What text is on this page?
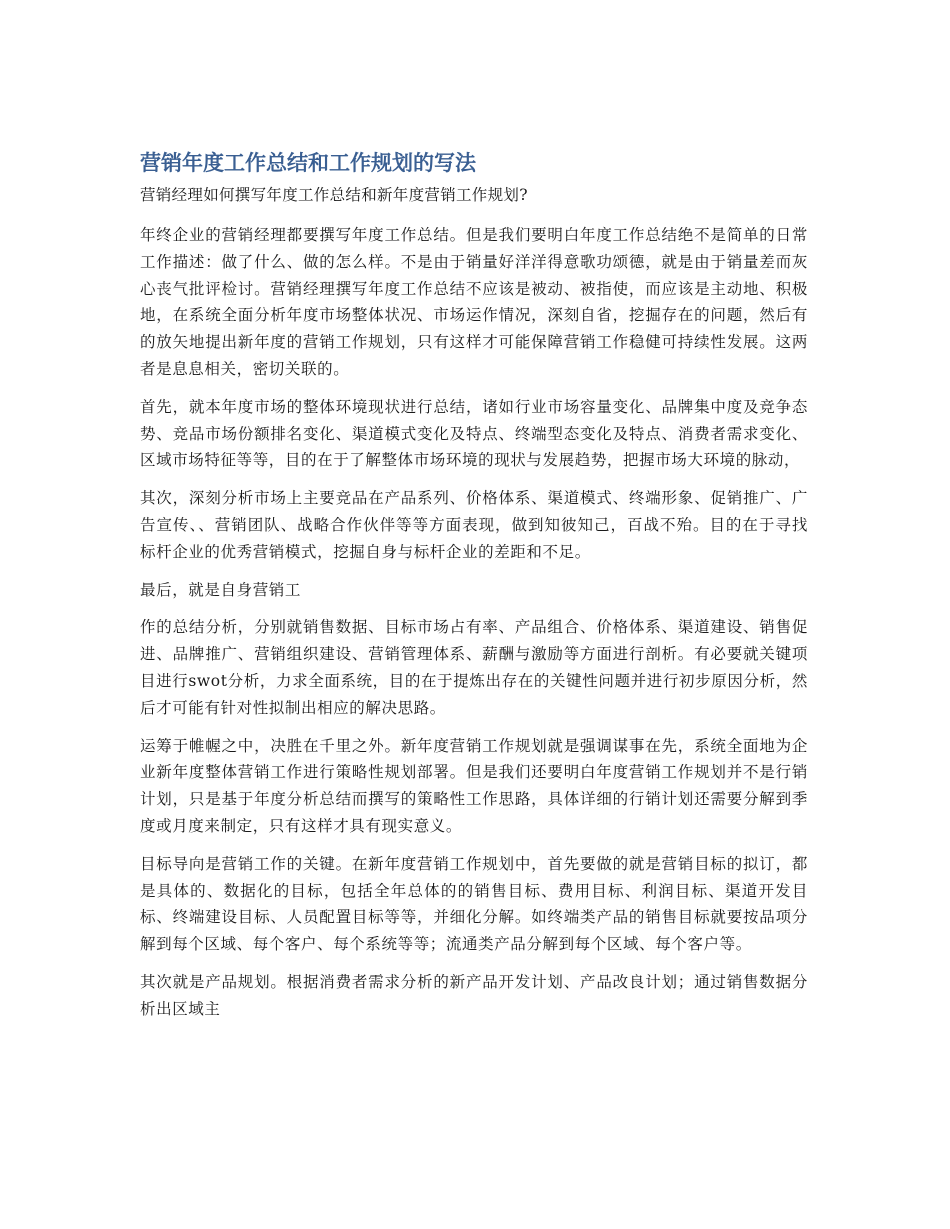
营销年度工作总结和工作规划的写法

营销经理如何撰写年度工作总结和新年度营销工作规划?

年终企业的营销经理都要撰写年度工作总结。但是我们要明白年度工作总结绝不是简单的日常工作描述：做了什么、做的怎么样。不是由于销量好洋洋得意歌功颂德，就是由于销量差而灰心丧气批评检讨。营销经理撰写年度工作总结不应该是被动、被指使，而应该是主动地、积极地，在系统全面分析年度市场整体状况、市场运作情况，深刻自省，挖掘存在的问题，然后有的放矢地提出新年度的营销工作规划，只有这样才可能保障营销工作稳健可持续性发展。这两者是息息相关，密切关联的。

首先，就本年度市场的整体环境现状进行总结，诸如行业市场容量变化、品牌集中度及竞争态势、竞品市场份额排名变化、渠道模式变化及特点、终端型态变化及特点、消费者需求变化、区域市场特征等等，目的在于了解整体市场环境的现状与发展趋势，把握市场大环境的脉动，

其次，深刻分析市场上主要竞品在产品系列、价格体系、渠道模式、终端形象、促销推广、广告宣传、、营销团队、战略合作伙伴等等方面表现，做到知彼知己，百战不殆。目的在于寻找标杆企业的优秀营销模式，挖掘自身与标杆企业的差距和不足。

最后，就是自身营销工

作的总结分析，分别就销售数据、目标市场占有率、产品组合、价格体系、渠道建设、销售促进、品牌推广、营销组织建设、营销管理体系、薪酬与激励等方面进行剖析。有必要就关键项目进行swot分析，力求全面系统，目的在于提炼出存在的关键性问题并进行初步原因分析，然后才可能有针对性拟制出相应的解决思路。

运筹于帷幄之中，决胜在千里之外。新年度营销工作规划就是强调谋事在先，系统全面地为企业新年度整体营销工作进行策略性规划部署。但是我们还要明白年度营销工作规划并不是行销计划，只是基于年度分析总结而撰写的策略性工作思路，具体详细的行销计划还需要分解到季度或月度来制定，只有这样才具有现实意义。

目标导向是营销工作的关键。在新年度营销工作规划中，首先要做的就是营销目标的拟订，都是具体的、数据化的目标，包括全年总体的的销售目标、费用目标、利润目标、渠道开发目标、终端建设目标、人员配置目标等等，并细化分解。如终端类产品的销售目标就要按品项分解到每个区域、每个客户、每个系统等等；流通类产品分解到每个区域、每个客户等。

其次就是产品规划。根据消费者需求分析的新产品开发计划、产品改良计划；通过销售数据分析出区域主
